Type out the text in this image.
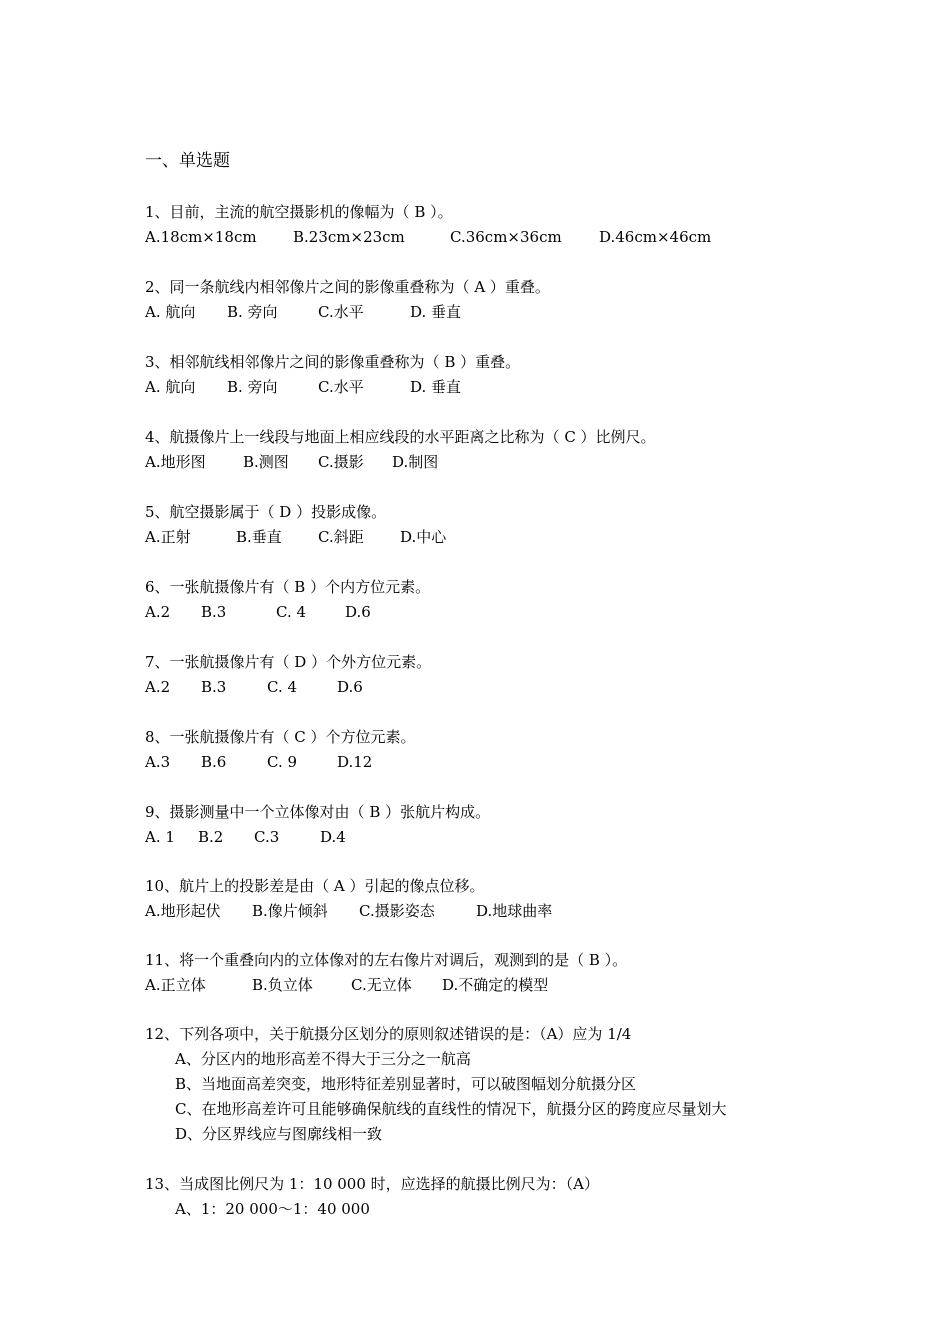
一、单选题
1、目前，主流的航空摄影机的像幅为（ B ）。
A.18cm×18cm B.23cm×23cm	C.36cm×36cm D.46cm×46cm
2、同一条航线内相邻像片之间的影像重叠称为（ A ）重叠。
A. 航向 B. 旁向	C.水平	D. 垂直
3、相邻航线相邻像片之间的影像重叠称为（ B ）重叠。
A. 航向 B. 旁向	C.水平	D. 垂直
4、航摄像片上一线段与地面上相应线段的水平距离之比称为（ C ）比例尺。
A.地形图 B.测图 C.摄影 D.制图
5、航空摄影属于（ D ）投影成像。
A.正射	B.垂直 C.斜距 D.中心
6、一张航摄像片有（ B ）个内方位元素。
A.2 B.3	C. 4	D.6
7、一张航摄像片有（ D ）个外方位元素。
A.2 B.3	C. 4	D.6
8、一张航摄像片有（ C ）个方位元素。
A.3 B.6	C. 9	D.12
9、摄影测量中一个立体像对由（ B ）张航片构成。
A. 1 B.2 C.3	D.4
10、航片上的投影差是由（ A ）引起的像点位移。
A.地形起伏 B.像片倾斜 C.摄影姿态	D.地球曲率
11、将一个重叠向内的立体像对的左右像片对调后，观测到的是（ B ）。
A.正立体	B.负立体	C.无立体 D.不确定的模型
12、下列各项中，关于航摄分区划分的原则叙述错误的是：（A）应为 1/4
A、分区内的地形高差不得大于三分之一航高
B、当地面高差突变，地形特征差别显著时，可以破图幅划分航摄分区
C、在地形高差许可且能够确保航线的直线性的情况下，航摄分区的跨度应尽量划大
D、分区界线应与图廓线相一致
13、当成图比例尺为 1：10 000 时，应选择的航摄比例尺为：（A）
A、1：20 000～1：40 000
